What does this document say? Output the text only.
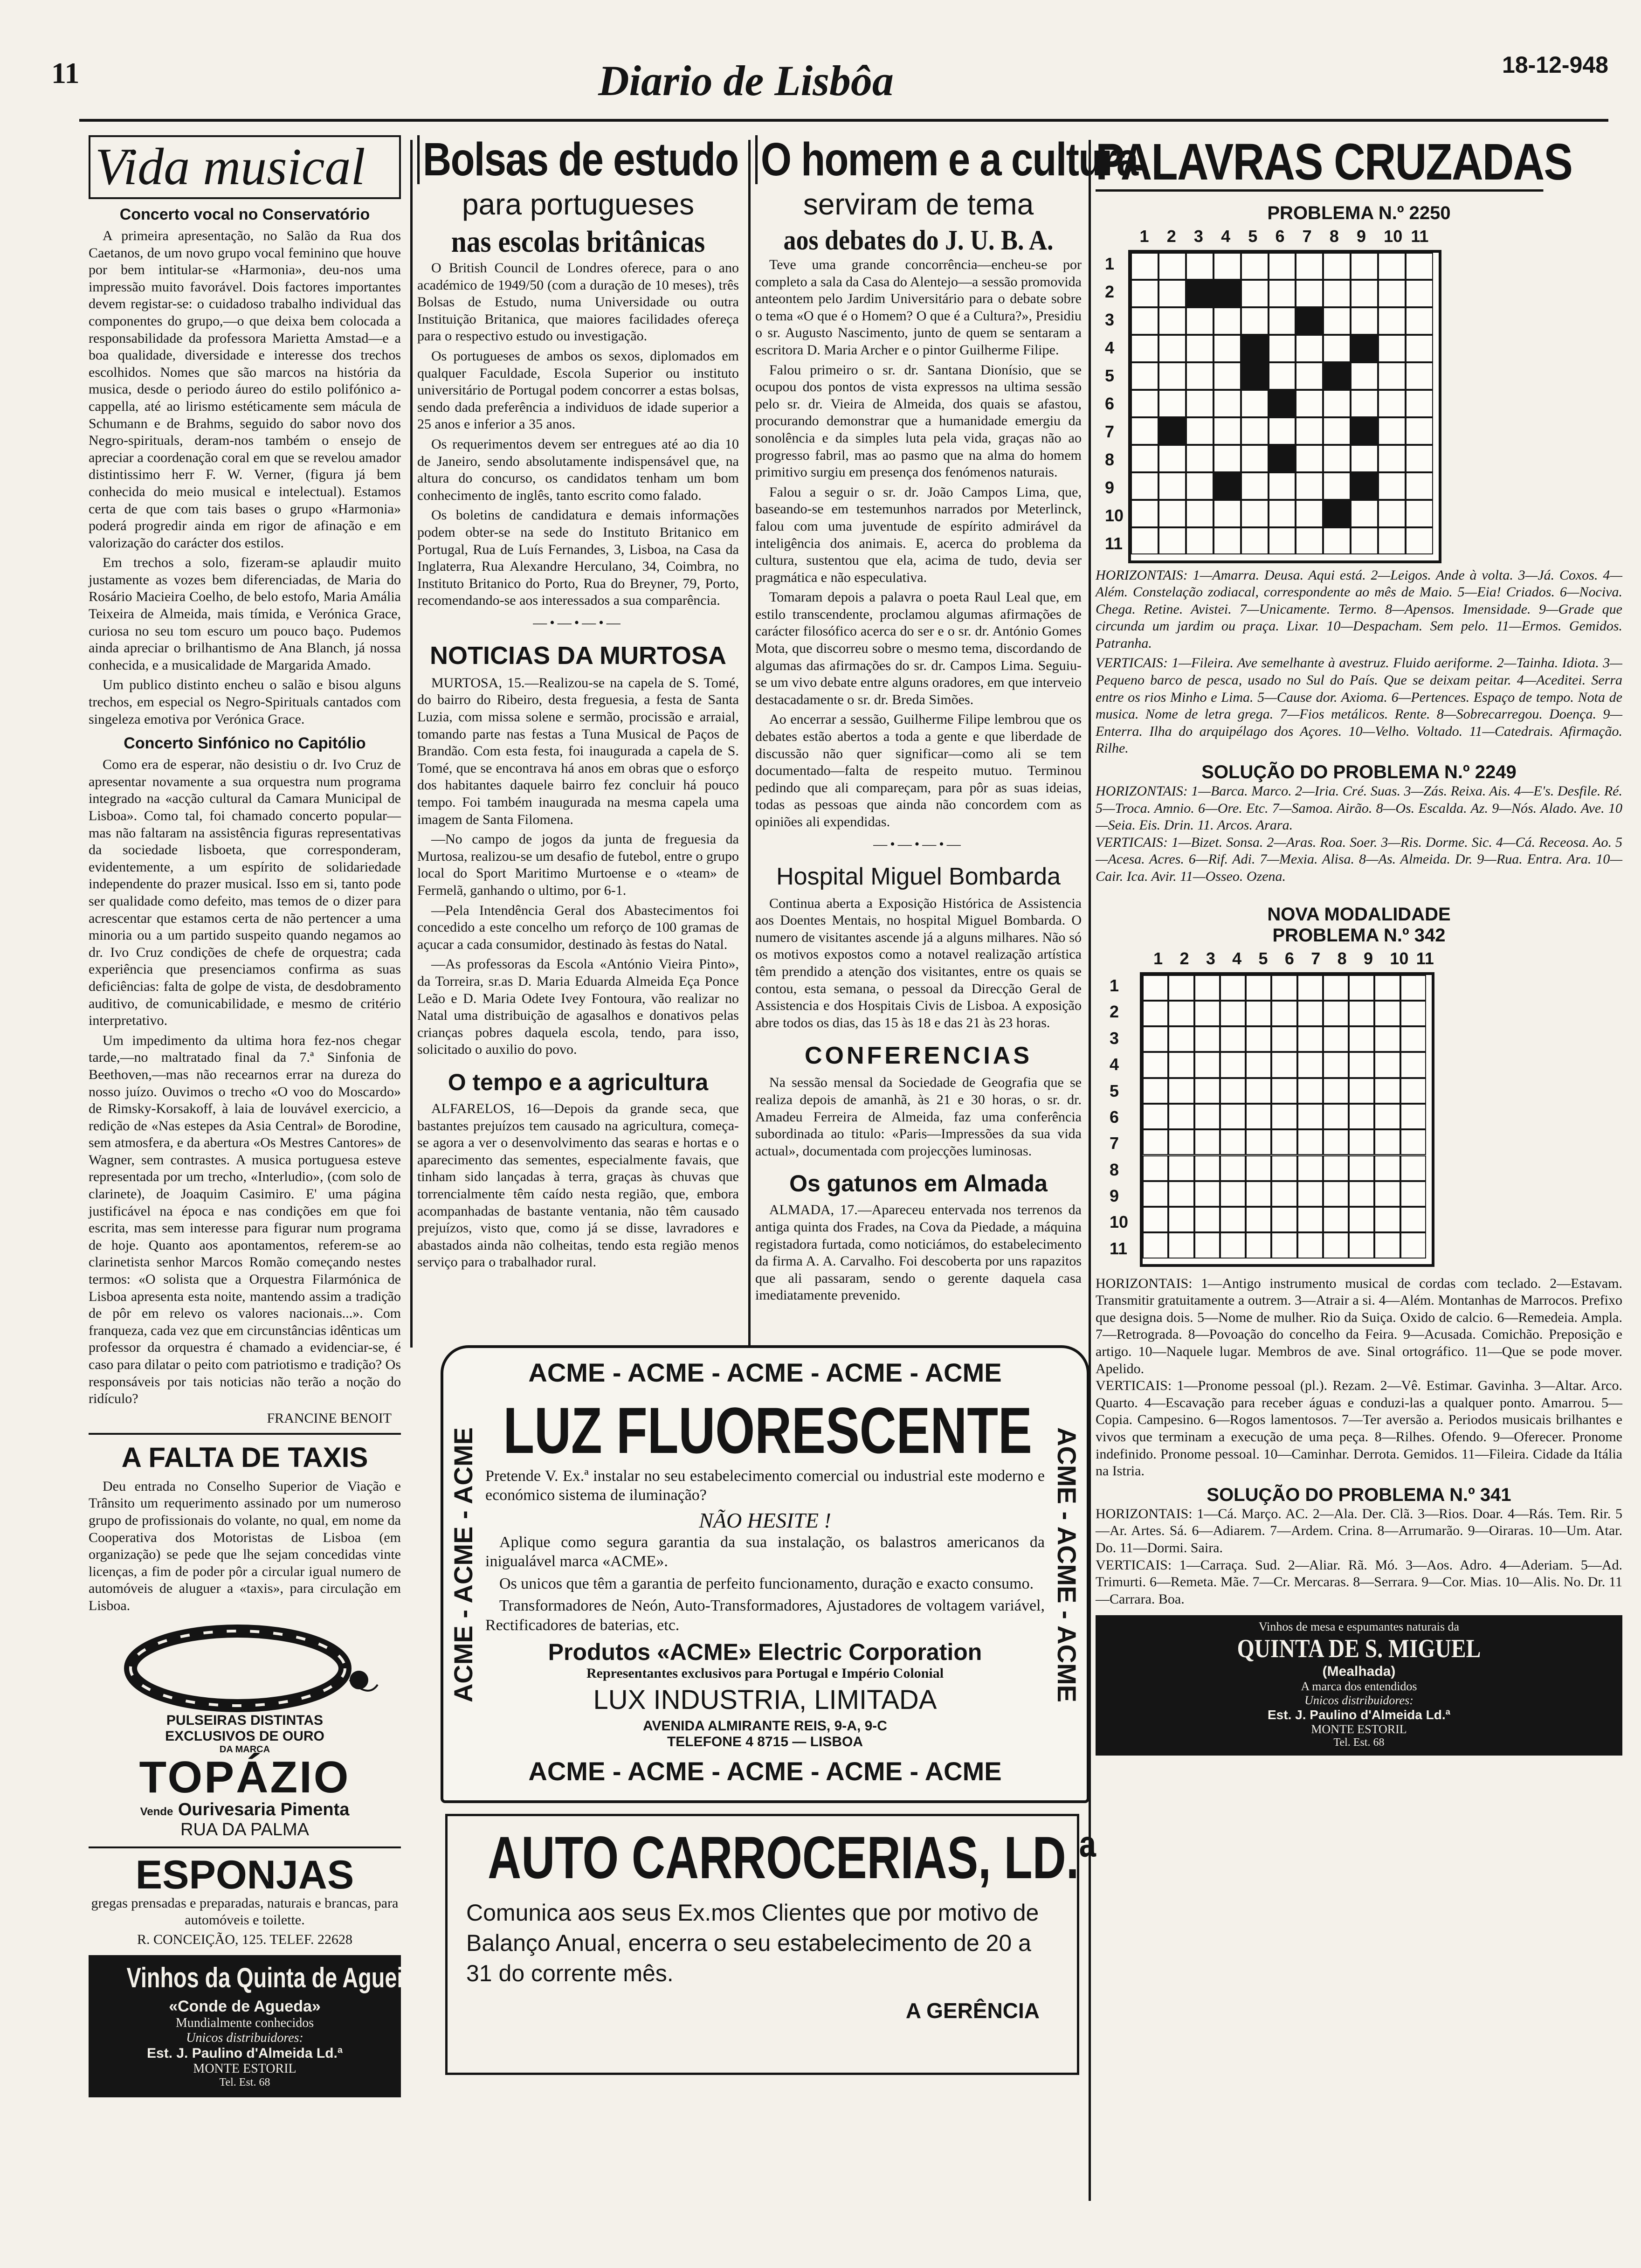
11	Diario de Lisbôa	18-12-948
Vida musical
Concerto vocal no Conservatório

A primeira apresentação, no Salão da Rua dos Caetanos, de um novo grupo vocal feminino que houve por bem intitular-se «Harmonia», deu-nos uma impressão muito favorável. Dois factores importantes devem registar-se: o cuidadoso trabalho individual das componentes do grupo,—o que deixa bem colocada a responsabilidade da professora Marietta Amstad—e a boa qualidade, diversidade e interesse dos trechos escolhidos. Nomes que são marcos na história da musica, desde o periodo áureo do estilo polifónico a-cappella, até ao lirismo estéticamente sem mácula de Schumann e de Brahms, seguido do sabor novo dos Negro-spirituals, deram-nos também o ensejo de apreciar a coordenação coral em que se revelou amador distintissimo herr F. W. Verner, (figura já bem conhecida do meio musical e intelectual). Estamos certa de que com tais bases o grupo «Harmonia» poderá progredir ainda em rigor de afinação e em valorização do carácter dos estilos.

Em trechos a solo, fizeram-se aplaudir muito justamente as vozes bem diferenciadas, de Maria do Rosário Macieira Coelho, de belo estofo, Maria Amália Teixeira de Almeida, mais tímida, e Verónica Grace, curiosa no seu tom escuro um pouco baço. Pudemos ainda apreciar o brilhantismo de Ana Blanch, já nossa conhecida, e a musicalidade de Margarida Amado.

Um publico distinto encheu o salão e bisou alguns trechos, em especial os Negro-Spirituals cantados com singeleza emotiva por Verónica Grace.

Concerto Sinfónico no Capitólio

Como era de esperar, não desistiu o dr. Ivo Cruz de apresentar novamente a sua orquestra num programa integrado na «acção cultural da Camara Municipal de Lisboa». Como tal, foi chamado concerto popular—mas não faltaram na assistência figuras representativas da sociedade lisboeta, que corresponderam, evidentemente, a um espírito de solidariedade independente do prazer musical. Isso em si, tanto pode ser qualidade como defeito, mas temos de o dizer para acrescentar que estamos certa de não pertencer a uma minoria ou a um partido suspeito quando negamos ao dr. Ivo Cruz condições de chefe de orquestra; cada experiência que presenciamos confirma as suas deficiências: falta de golpe de vista, de desdobramento auditivo, de comunicabilidade, e mesmo de critério interpretativo.

Um impedimento da ultima hora fez-nos chegar tarde,—no maltratado final da 7.ª Sinfonia de Beethoven,—mas não recearnos errar na dureza do nosso juízo. Ouvimos o trecho «O voo do Moscardo» de Rimsky-Korsakoff, à laia de louvável exercicio, a redição de «Nas estepes da Asia Central» de Borodine, sem atmosfera, e da abertura «Os Mestres Cantores» de Wagner, sem contrastes. A musica portuguesa esteve representada por um trecho, «Interludio», (com solo de clarinete), de Joaquim Casimiro. E' uma página justificável na época e nas condições em que foi escrita, mas sem interesse para figurar num programa de hoje. Quanto aos apontamentos, referem-se ao clarinetista senhor Marcos Romão começando nestes termos: «O solista que a Orquestra Filarmónica de Lisboa apresenta esta noite, mantendo assim a tradição de pôr em relevo os valores nacionais...». Com franqueza, cada vez que em circunstâncias idênticas um professor da orquestra é chamado a evidenciar-se, é caso para dilatar o peito com patriotismo e tradição? Os responsáveis por tais noticias não terão a noção do ridículo?

FRANCINE BENOIT
A FALTA DE TAXIS

Deu entrada no Conselho Superior de Viação e Trânsito um requerimento assinado por um numeroso grupo de profissionais do volante, no qual, em nome da Cooperativa dos Motoristas de Lisboa (em organização) se pede que lhe sejam concedidas vinte licenças, a fim de poder pôr a circular igual numero de automóveis de aluguer a «taxis», para circulação em Lisboa.

PULSEIRAS DISTINTAS
EXCLUSIVOS DE OURO
DA MARCA
TOPÁZIO
Vende Ourivesaria Pimenta
RUA DA PALMA
ESPONJAS

gregas prensadas e preparadas, naturais e brancas, para automóveis e toilette.

R. CONCEIÇÃO, 125. TELEF. 22628
Vinhos da Quinta de Agueira
«Conde de Agueda»
Mundialmente conhecidos
Unicos distribuidores:
Est. J. Paulino d'Almeida Ld.ª
MONTE ESTORIL
Tel. Est. 68
Bolsas de estudo
para portugueses
nas escolas britânicas

O British Council de Londres oferece, para o ano académico de 1949/50 (com a duração de 10 meses), três Bolsas de Estudo, numa Universidade ou outra Instituição Britanica, que maiores facilidades ofereça para o respectivo estudo ou investigação.

Os portugueses de ambos os sexos, diplomados em qualquer Faculdade, Escola Superior ou instituto universitário de Portugal podem concorrer a estas bolsas, sendo dada preferência a individuos de idade superior a 25 anos e inferior a 35 anos.

Os requerimentos devem ser entregues até ao dia 10 de Janeiro, sendo absolutamente indispensável que, na altura do concurso, os candidatos tenham um bom conhecimento de inglês, tanto escrito como falado.

Os boletins de candidatura e demais informações podem obter-se na sede do Instituto Britanico em Portugal, Rua de Luís Fernandes, 3, Lisboa, na Casa da Inglaterra, Rua Alexandre Herculano, 34, Coimbra, no Instituto Britanico do Porto, Rua do Breyner, 79, Porto, recomendando-se aos interessados a sua comparência.

—•—•—•—
NOTICIAS DA MURTOSA

MURTOSA, 15.—Realizou-se na capela de S. Tomé, do bairro do Ribeiro, desta freguesia, a festa de Santa Luzia, com missa solene e sermão, procissão e arraial, tomando parte nas festas a Tuna Musical de Paços de Brandão. Com esta festa, foi inaugurada a capela de S. Tomé, que se encontrava há anos em obras que o esforço dos habitantes daquele bairro fez concluir há pouco tempo. Foi também inaugurada na mesma capela uma imagem de Santa Filomena.

—No campo de jogos da junta de freguesia da Murtosa, realizou-se um desafio de futebol, entre o grupo local do Sport Maritimo Murtoense e o «team» de Fermelã, ganhando o ultimo, por 6-1.

—Pela Intendência Geral dos Abastecimentos foi concedido a este concelho um reforço de 100 gramas de açucar a cada consumidor, destinado às festas do Natal.

—As professoras da Escola «António Vieira Pinto», da Torreira, sr.as D. Maria Eduarda Almeida Eça Ponce Leão e D. Maria Odete Ivey Fontoura, vão realizar no Natal uma distribuição de agasalhos e donativos pelas crianças pobres daquela escola, tendo, para isso, solicitado o auxilio do povo.

O tempo e a agricultura

ALFARELOS, 16—Depois da grande seca, que bastantes prejuízos tem causado na agricultura, começa-se agora a ver o desenvolvimento das searas e hortas e o aparecimento das sementes, especialmente favais, que tinham sido lançadas à terra, graças às chuvas que torrencialmente têm caído nesta região, que, embora acompanhadas de bastante ventania, não têm causado prejuízos, visto que, como já se disse, lavradores e abastados ainda não colheitas, tendo esta região menos serviço para o trabalhador rural.

O homem e a cultura
serviram de tema
aos debates do J. U. B. A.

Teve uma grande concorrência—encheu-se por completo a sala da Casa do Alentejo—a sessão promovida anteontem pelo Jardim Universitário para o debate sobre o tema «O que é o Homem? O que é a Cultura?», Presidiu o sr. Augusto Nascimento, junto de quem se sentaram a escritora D. Maria Archer e o pintor Guilherme Filipe.

Falou primeiro o sr. dr. Santana Dionísio, que se ocupou dos pontos de vista expressos na ultima sessão pelo sr. dr. Vieira de Almeida, dos quais se afastou, procurando demonstrar que a humanidade emergiu da sonolência e da simples luta pela vida, graças não ao progresso fabril, mas ao pasmo que na alma do homem primitivo surgiu em presença dos fenómenos naturais.

Falou a seguir o sr. dr. João Campos Lima, que, baseando-se em testemunhos narrados por Meterlinck, falou com uma juventude de espírito admirável da inteligência dos animais. E, acerca do problema da cultura, sustentou que ela, acima de tudo, devia ser pragmática e não especulativa.

Tomaram depois a palavra o poeta Raul Leal que, em estilo transcendente, proclamou algumas afirmações de carácter filosófico acerca do ser e o sr. dr. António Gomes Mota, que discorreu sobre o mesmo tema, discordando de algumas das afirmações do sr. dr. Campos Lima. Seguiu-se um vivo debate entre alguns oradores, em que interveio destacadamente o sr. dr. Breda Simões.

Ao encerrar a sessão, Guilherme Filipe lembrou que os debates estão abertos a toda a gente e que liberdade de discussão não quer significar—como ali se tem documentado—falta de respeito mutuo. Terminou pedindo que ali compareçam, para pôr as suas ideias, todas as pessoas que ainda não concordem com as opiniões ali expendidas.

—•—•—•—
Hospital Miguel Bombarda

Continua aberta a Exposição Histórica de Assistencia aos Doentes Mentais, no hospital Miguel Bombarda. O numero de visitantes ascende já a alguns milhares. Não só os motivos expostos como a notavel realização artística têm prendido a atenção dos visitantes, entre os quais se contou, esta semana, o pessoal da Direcção Geral de Assistencia e dos Hospitais Civis de Lisboa. A exposição abre todos os dias, das 15 às 18 e das 21 às 23 horas.

CONFERENCIAS

Na sessão mensal da Sociedade de Geografia que se realiza depois de amanhã, às 21 e 30 horas, o sr. dr. Amadeu Ferreira de Almeida, faz uma conferência subordinada ao titulo: «Paris—Impressões da sua vida actual», documentada com projecções luminosas.

Os gatunos em Almada

ALMADA, 17.—Apareceu entervada nos terrenos da antiga quinta dos Frades, na Cova da Piedade, a máquina registadora furtada, como noticiámos, do estabelecimento da firma A. A. Carvalho. Foi descoberta por uns rapazitos que ali passaram, sendo o gerente daquela casa imediatamente prevenido.

ACME - ACME - ACME - ACME - ACME
ACME - ACME - ACME	ACME - ACME - ACME
LUZ FLUORESCENTE

Pretende V. Ex.ª instalar no seu estabelecimento comercial ou industrial este moderno e económico sistema de iluminação?

NÃO HESITE !

Aplique como segura garantia da sua instalação, os balastros americanos da inigualável marca «ACME».

Os unicos que têm a garantia de perfeito funcionamento, duração e exacto consumo.

Transformadores de Neón, Auto-Transformadores, Ajustadores de voltagem variável, Rectificadores de baterias, etc.

Produtos «ACME» Electric Corporation
Representantes exclusivos para Portugal e Império Colonial
LUX INDUSTRIA, LIMITADA
AVENIDA ALMIRANTE REIS, 9-A, 9-C
TELEFONE 4 8715 — LISBOA
ACME - ACME - ACME - ACME - ACME
AUTO CARROCERIAS, LD.ª
Comunica aos seus Ex.mos Clientes que por motivo de Balanço Anual, encerra o seu estabelecimento de 20 a 31 do corrente mês.
A GERÊNCIA
PALAVRAS CRUZADAS
PROBLEMA N.º 2250
1 2 3 4 5 6 7 8 9 10 11
1
2
3
4
5
6
7
8
9
10
11
HORIZONTAIS: 1—Amarra. Deusa. Aqui está. 2—Leigos. Ande à volta. 3—Já. Coxos. 4—Além. Constelação zodiacal, correspondente ao mês de Maio. 5—Eia! Criados. 6—Nociva. Chega. Retine. Avistei. 7—Unicamente. Termo. 8—Apensos. Imensidade. 9—Grade que circunda um jardim ou praça. Lixar. 10—Despacham. Sem pelo. 11—Ermos. Gemidos. Patranha.
VERTICAIS: 1—Fileira. Ave semelhante à avestruz. Fluido aeriforme. 2—Tainha. Idiota. 3—Pequeno barco de pesca, usado no Sul do País. Que se deixam peitar. 4—Aceditei. Serra entre os rios Minho e Lima. 5—Cause dor. Axioma. 6—Pertences. Espaço de tempo. Nota de musica. Nome de letra grega. 7—Fios metálicos. Rente. 8—Sobrecarregou. Doença. 9—Enterra. Ilha do arquipélago dos Açores. 10—Velho. Voltado. 11—Catedrais. Afirmação. Rilhe.
SOLUÇÃO DO PROBLEMA N.º 2249
HORIZONTAIS: 1—Barca. Marco. 2—Iria. Cré. Suas. 3—Zás. Reixa. Ais. 4—E's. Desfile. Ré. 5—Troca. Amnio. 6—Ore. Etc. 7—Samoa. Airão. 8—Os. Escalda. Az. 9—Nós. Alado. Ave. 10—Seia. Eis. Drin. 11. Arcos. Arara.
VERTICAIS: 1—Bizet. Sonsa. 2—Aras. Roa. Soer. 3—Ris. Dorme. Sic. 4—Cá. Receosa. Ao. 5—Acesa. Acres. 6—Rif. Adi. 7—Mexia. Alisa. 8—As. Almeida. Dr. 9—Rua. Entra. Ara. 10—Cair. Ica. Avir. 11—Osseo. Ozena.
NOVA MODALIDADE
PROBLEMA N.º 342
1 2 3 4 5 6 7 8 9 10 11
1
2
3
4
5
6
7
8
9
10
11
HORIZONTAIS: 1—Antigo instrumento musical de cordas com teclado. 2—Estavam. Transmitir gratuitamente a outrem. 3—Atrair a si. 4—Além. Montanhas de Marrocos. Prefixo que designa dois. 5—Nome de mulher. Rio da Suiça. Oxido de calcio. 6—Remedeia. Ampla. 7—Retrograda. 8—Povoação do concelho da Feira. 9—Acusada. Comichão. Preposição e artigo. 10—Naquele lugar. Membros de ave. Sinal ortográfico. 11—Que se pode mover. Apelido.
VERTICAIS: 1—Pronome pessoal (pl.). Rezam. 2—Vê. Estimar. Gavinha. 3—Altar. Arco. Quarto. 4—Escavação para receber águas e conduzi-las a qualquer ponto. Amarrou. 5—Copia. Campesino. 6—Rogos lamentosos. 7—Ter aversão a. Periodos musicais brilhantes e vivos que terminam a execução de uma peça. 8—Rilhes. Ofendo. 9—Oferecer. Pronome indefinido. Pronome pessoal. 10—Caminhar. Derrota. Gemidos. 11—Fileira. Cidade da Itália na Istria.
SOLUÇÃO DO PROBLEMA N.º 341
HORIZONTAIS: 1—Cá. Março. AC. 2—Ala. Der. Clã. 3—Rios. Doar. 4—Rás. Tem. Rir. 5—Ar. Artes. Sá. 6—Adiarem. 7—Ardem. Crina. 8—Arrumarão. 9—Oiraras. 10—Um. Atar. Do. 11—Dormi. Saira.
VERTICAIS: 1—Carraça. Sud. 2—Aliar. Rã. Mó. 3—Aos. Adro. 4—Aderiam. 5—Ad. Trimurti. 6—Remeta. Mãe. 7—Cr. Mercaras. 8—Serrara. 9—Cor. Mias. 10—Alis. No. Dr. 11—Carrara. Boa.
Vinhos de mesa e espumantes naturais da
QUINTA DE S. MIGUEL
(Mealhada)
A marca dos entendidos
Unicos distribuidores:
Est. J. Paulino d'Almeida Ld.ª
MONTE ESTORIL
Tel. Est. 68
